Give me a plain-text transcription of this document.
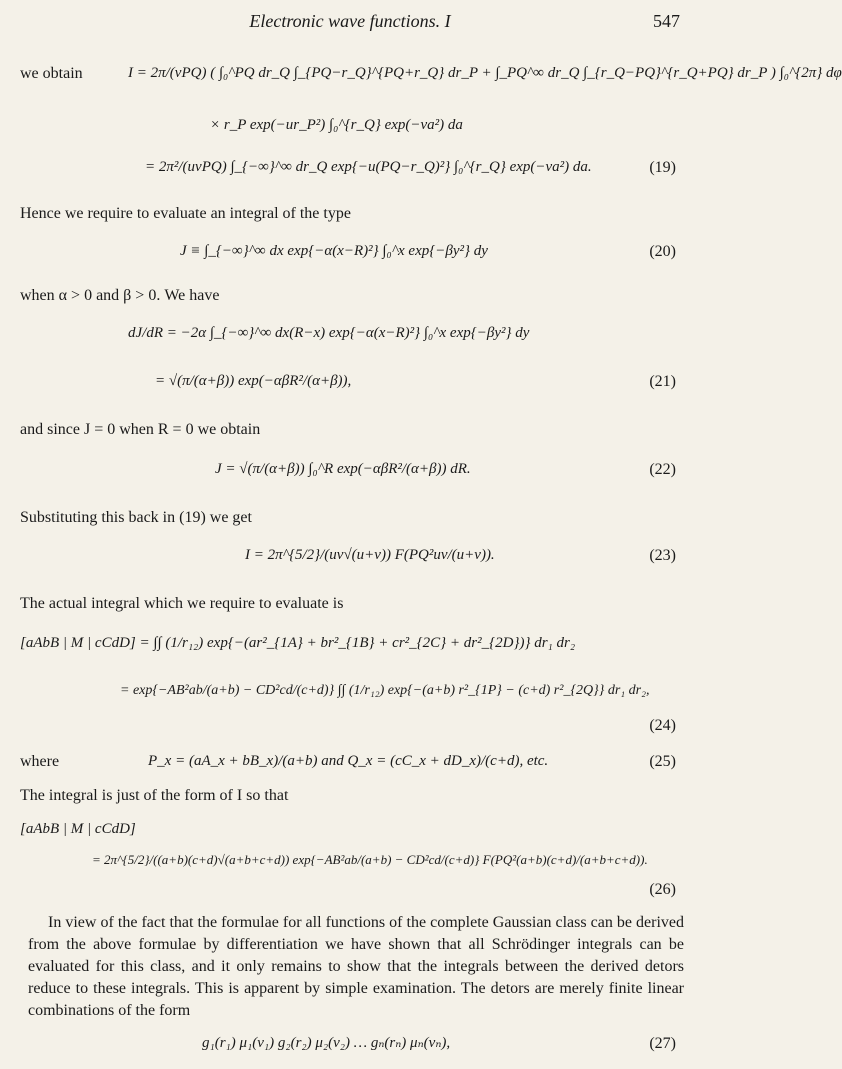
Electronic wave functions. I	547
we obtain	I = 2π/(vPQ) ( ∫₀^PQ dr_Q ∫_{PQ−r_Q}^{PQ+r_Q} dr_P + ∫_PQ^∞ dr_Q ∫_{r_Q−PQ}^{r_Q+PQ} dr_P ) ∫₀^{2π} dφ
× r_P exp(−ur_P²) ∫₀^{r_Q} exp(−va²) da
= 2π²/(uvPQ) ∫_{−∞}^∞ dr_Q exp{−u(PQ−r_Q)²} ∫₀^{r_Q} exp(−va²) da.	(19)
Hence we require to evaluate an integral of the type
J ≡ ∫_{−∞}^∞ dx exp{−α(x−R)²} ∫₀^x exp{−βy²} dy	(20)
when α > 0 and β > 0. We have
dJ/dR = −2α ∫_{−∞}^∞ dx(R−x) exp{−α(x−R)²} ∫₀^x exp{−βy²} dy
= √(π/(α+β)) exp(−αβR²/(α+β)),	(21)
and since J = 0 when R = 0 we obtain
J = √(π/(α+β)) ∫₀^R exp(−αβR²/(α+β)) dR.	(22)
Substituting this back in (19) we get
I = 2π^{5/2}/(uv√(u+v)) F(PQ²uv/(u+v)).	(23)
The actual integral which we require to evaluate is
[aAbB | M | cCdD] = ∫∫ (1/r₁₂) exp{−(ar²_{1A} + br²_{1B} + cr²_{2C} + dr²_{2D})} dr₁ dr₂
= exp{−AB²ab/(a+b) − CD²cd/(c+d)} ∫∫ (1/r₁₂) exp{−(a+b) r²_{1P} − (c+d) r²_{2Q}} dr₁ dr₂,
(24)
where	P_x = (aA_x + bB_x)/(a+b) and Q_x = (cC_x + dD_x)/(c+d), etc.	(25)
The integral is just of the form of I so that
[aAbB | M | cCdD]
= 2π^{5/2}/((a+b)(c+d)√(a+b+c+d)) exp{−AB²ab/(a+b) − CD²cd/(c+d)} F(PQ²(a+b)(c+d)/(a+b+c+d)).
(26)
In view of the fact that the formulae for all functions of the complete Gaussian class can be derived from the above formulae by differentiation we have shown that all Schrödinger integrals can be evaluated for this class, and it only remains to show that the integrals between the derived detors reduce to these integrals. This is apparent by simple examination. The detors are merely finite linear combinations of the form
g₁(r₁) μ₁(v₁) g₂(r₂) μ₂(v₂) … gₙ(rₙ) μₙ(vₙ),	(27)
